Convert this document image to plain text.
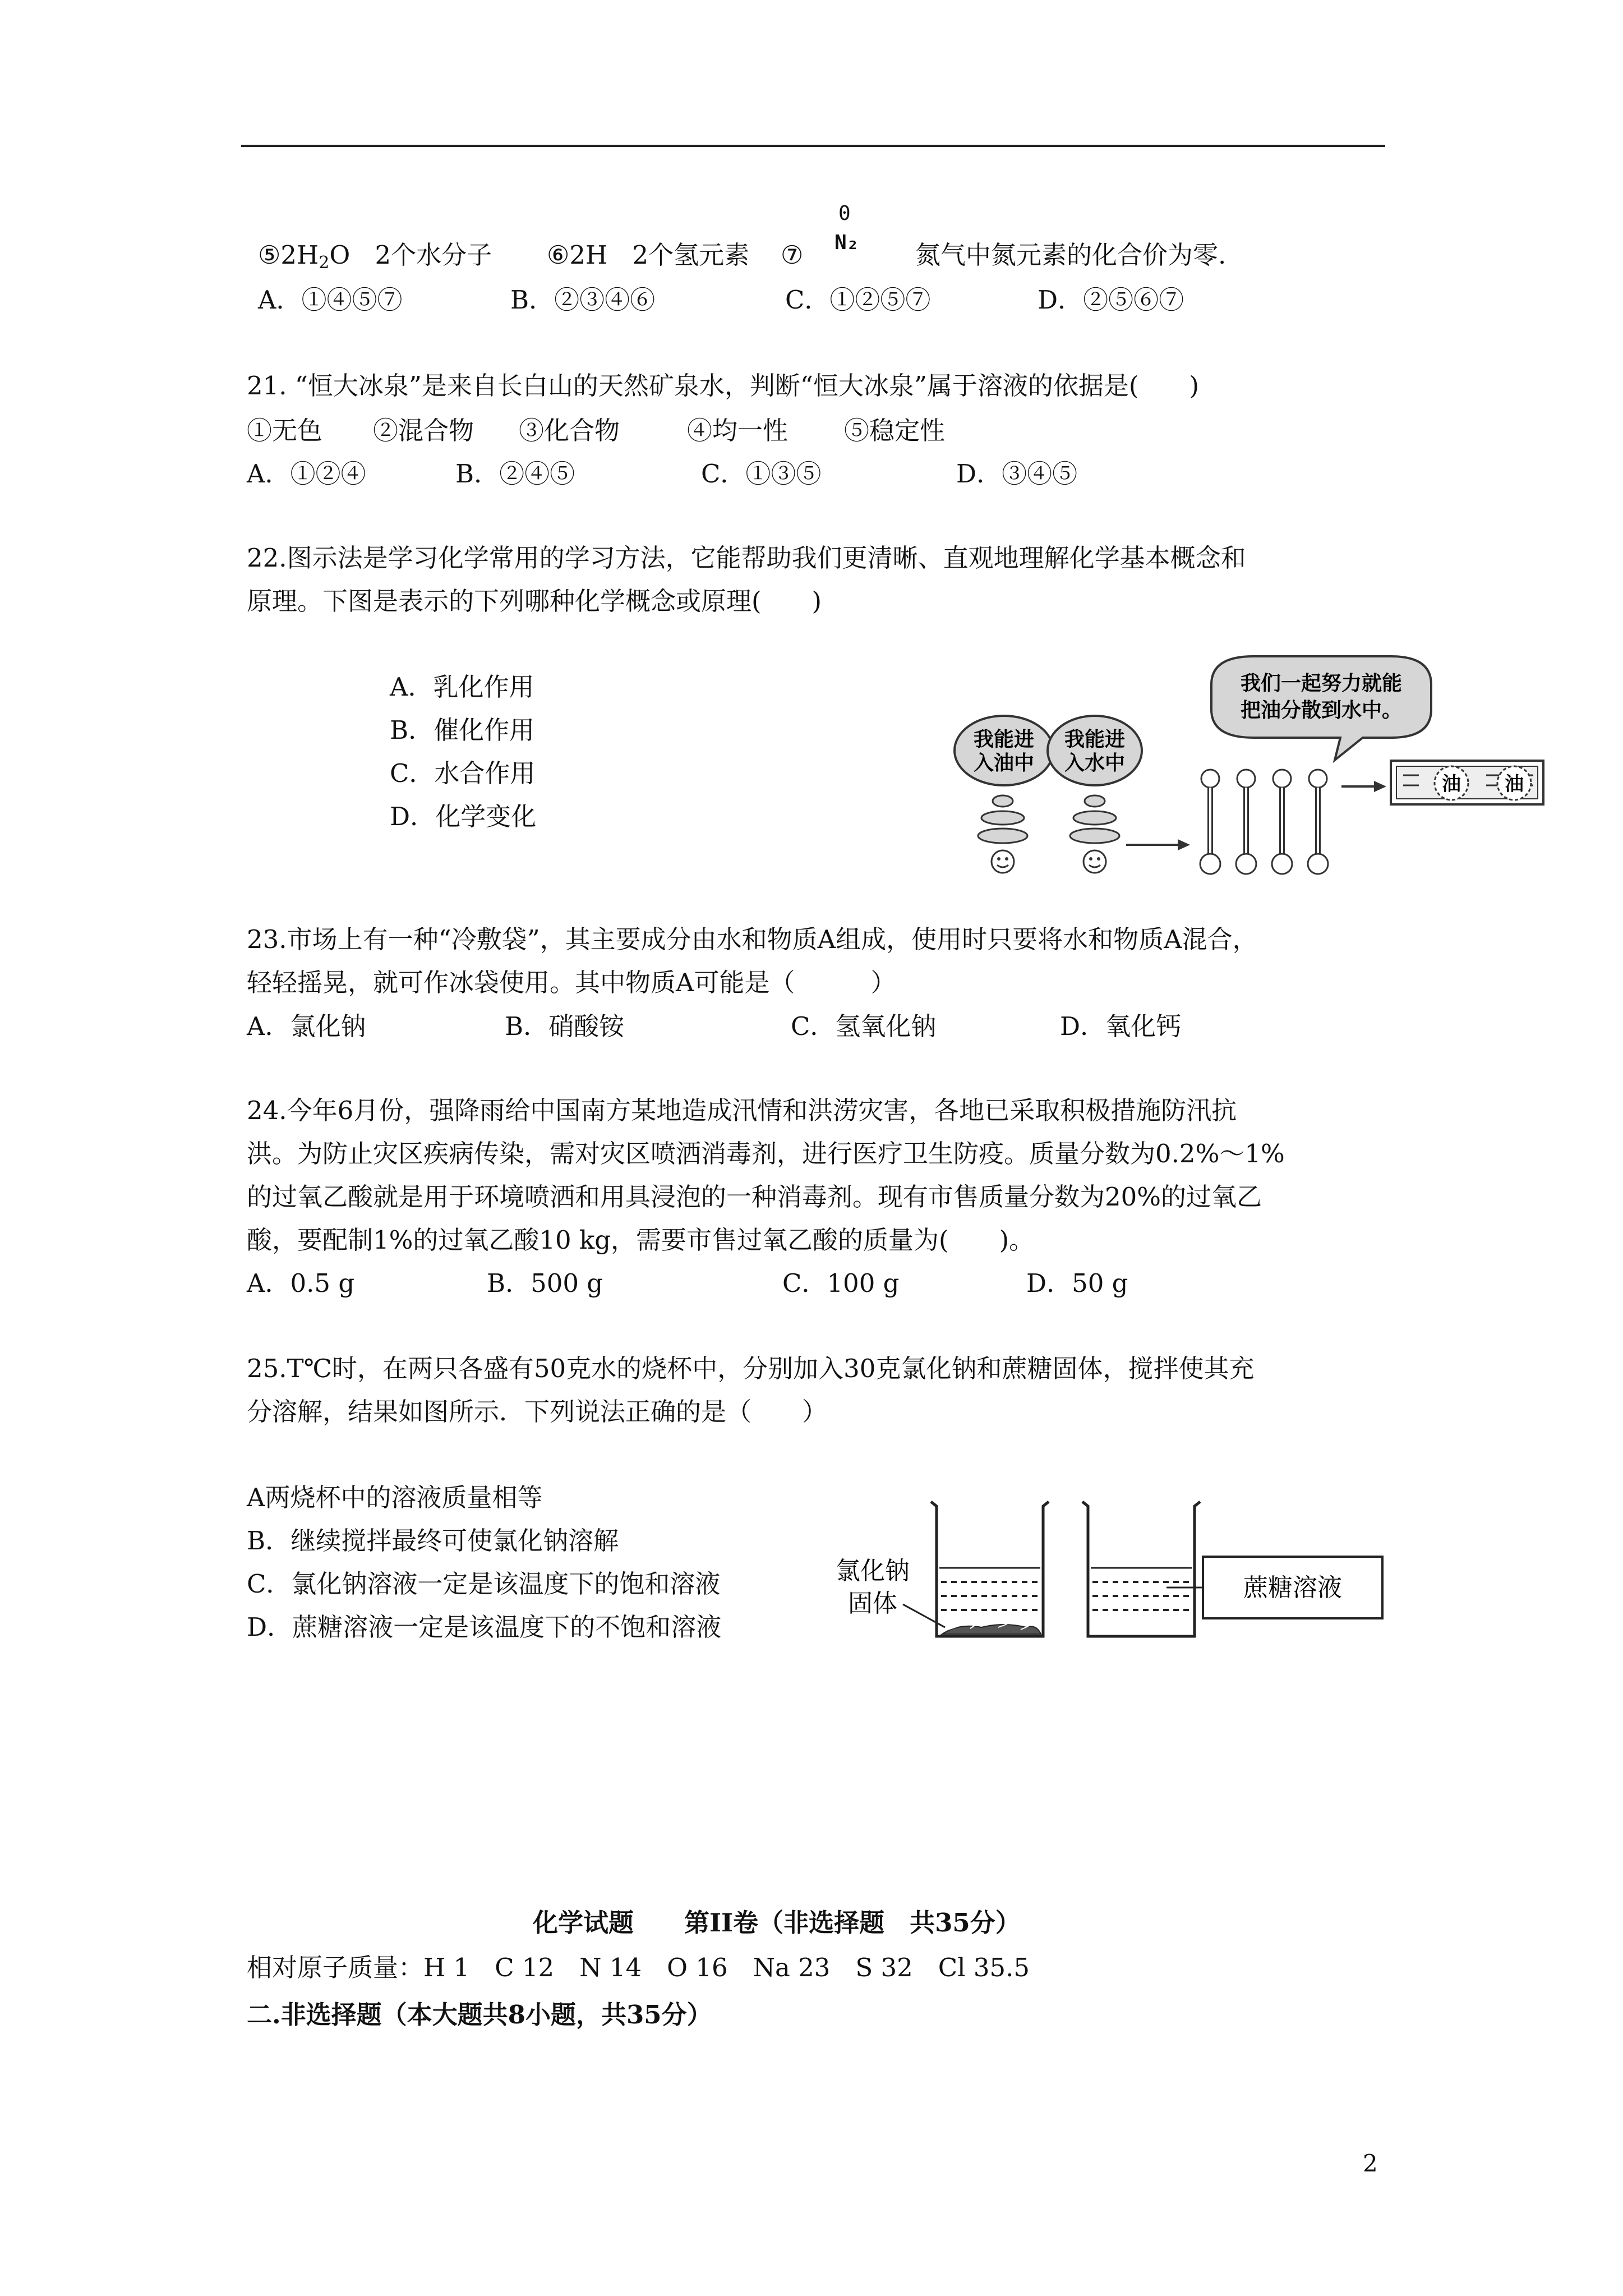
$⑤2H_2O$ 2个水分子 ⑥2H 2个氢元素 ⑦
0
N₂ 氮气中氮元素的化合价为零.
A．①④⑤⑦	B．②③④⑥	C．①②⑤⑦	D．②⑤⑥⑦
21. “恒大冰泉”是来自长白山的天然矿泉水，判断“恒大冰泉”属于溶液的依据是(　　)
①无色 ②混合物 ③化合物	④均一性 ⑤稳定性
A．①②④	B．②④⑤	C．①③⑤	D．③④⑤
22.图示法是学习化学常用的学习方法，它能帮助我们更清晰、直观地理解化学基本概念和
原理。下图是表示的下列哪种化学概念或原理(　　)
A．乳化作用
B．催化作用
C．水合作用
D．化学变化
我能进
入油中
我能进
入水中
我们一起努力就能
把油分散到水中。
油 油
23.市场上有一种“冷敷袋”，其主要成分由水和物质A组成，使用时只要将水和物质A混合，
轻轻摇晃，就可作冰袋使用。其中物质A可能是（　　　）
A．氯化钠	B．硝酸铵	C．氢氧化钠	D．氧化钙
24.今年6月份，强降雨给中国南方某地造成汛情和洪涝灾害，各地已采取积极措施防汛抗
洪。为防止灾区疾病传染，需对灾区喷洒消毒剂，进行医疗卫生防疫。质量分数为0.2%～1%
的过氧乙酸就是用于环境喷洒和用具浸泡的一种消毒剂。现有市售质量分数为20%的过氧乙
酸，要配制1%的过氧乙酸10 kg，需要市售过氧乙酸的质量为(　　)。
A．0.5 g	B．500 g	C．100 g	D．50 g
25.T℃时，在两只各盛有50克水的烧杯中，分别加入30克氯化钠和蔗糖固体，搅拌使其充
分溶解，结果如图所示．下列说法正确的是（　　）
A两烧杯中的溶液质量相等
B．继续搅拌最终可使氯化钠溶解
C．氯化钠溶液一定是该温度下的饱和溶液
D．蔗糖溶液一定是该温度下的不饱和溶液
氯化钠
固体
蔗糖溶液
化学试题　　第II卷（非选择题　共35分）
相对原子质量：H 1　C 12　N 14　O 16　Na 23　S 32　Cl 35.5
二.非选择题（本大题共8小题，共35分）
2
